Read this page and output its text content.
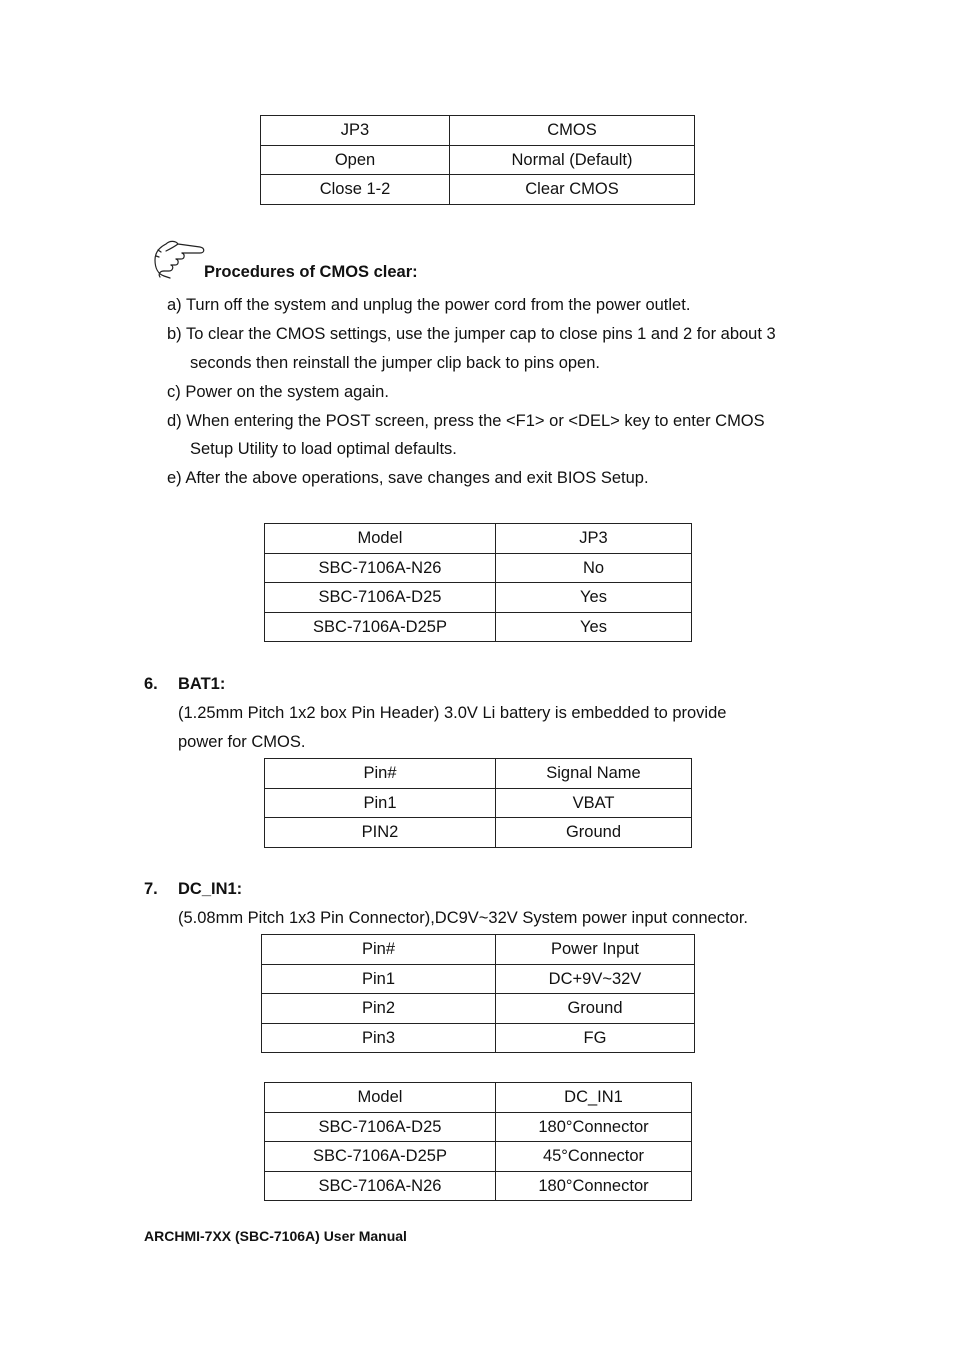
JP3	CMOS
Open	Normal (Default)
Close 1-2	Clear CMOS
Procedures of CMOS clear:
a) Turn off the system and unplug the power cord from the power outlet.
b) To clear the CMOS settings, use the jumper cap to close pins 1 and 2 for about 3
seconds then reinstall the jumper clip back to pins open.
c) Power on the system again.
d) When entering the POST screen, press the <F1> or <DEL> key to enter CMOS
Setup Utility to load optimal defaults.
e) After the above operations, save changes and exit BIOS Setup.
Model	JP3
SBC-7106A-N26	No
SBC-7106A-D25	Yes
SBC-7106A-D25P	Yes
6. BAT1:
(1.25mm Pitch 1x2 box Pin Header) 3.0V Li battery is embedded to provide
power for CMOS.
Pin#	Signal Name
Pin1	VBAT
PIN2	Ground
7. DC_IN1:
(5.08mm Pitch 1x3 Pin Connector),DC9V~32V System power input connector.
Pin#	Power Input
Pin1	DC+9V~32V
Pin2	Ground
Pin3	FG
Model	DC_IN1
SBC-7106A-D25	180°Connector
SBC-7106A-D25P	45°Connector
SBC-7106A-N26	180°Connector
ARCHMI-7XX (SBC-7106A) User Manual
